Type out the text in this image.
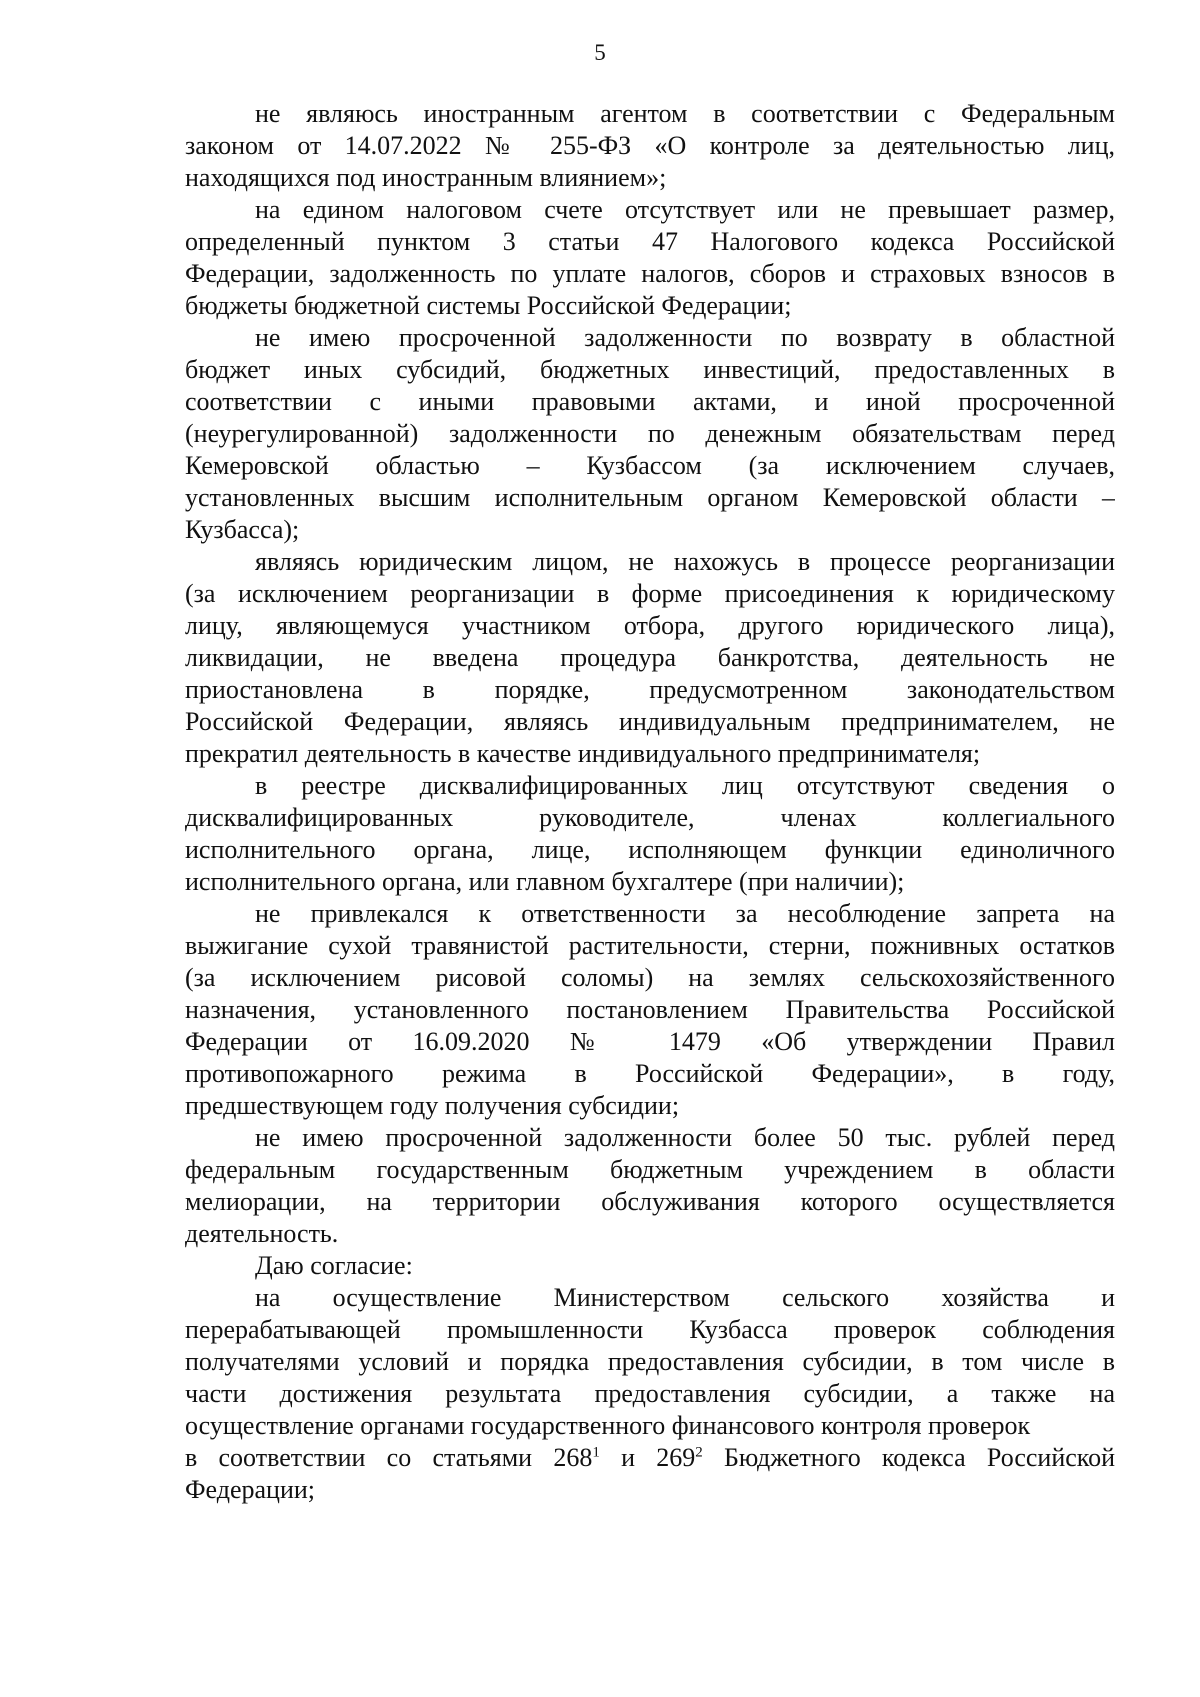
5
не являюсь иностранным агентом в соответствии с Федеральным
законом от 14.07.2022 № 255-ФЗ «О контроле за деятельностью лиц,
находящихся под иностранным влиянием»;
на едином налоговом счете отсутствует или не превышает размер,
определенный пунктом 3 статьи 47 Налогового кодекса Российской
Федерации, задолженность по уплате налогов, сборов и страховых взносов в
бюджеты бюджетной системы Российской Федерации;
не имею просроченной задолженности по возврату в областной
бюджет иных субсидий, бюджетных инвестиций, предоставленных в
соответствии с иными правовыми актами, и иной просроченной
(неурегулированной) задолженности по денежным обязательствам перед
Кемеровской областью – Кузбассом (за исключением случаев,
установленных высшим исполнительным органом Кемеровской области –
Кузбасса);
являясь юридическим лицом, не нахожусь в процессе реорганизации
(за исключением реорганизации в форме присоединения к юридическому
лицу, являющемуся участником отбора, другого юридического лица),
ликвидации, не введена процедура банкротства, деятельность не
приостановлена в порядке, предусмотренном законодательством
Российской Федерации, являясь индивидуальным предпринимателем, не
прекратил деятельность в качестве индивидуального предпринимателя;
в реестре дисквалифицированных лиц отсутствуют сведения о
дисквалифицированных руководителе, членах коллегиального
исполнительного органа, лице, исполняющем функции единоличного
исполнительного органа, или главном бухгалтере (при наличии);
не привлекался к ответственности за несоблюдение запрета на
выжигание сухой травянистой растительности, стерни, пожнивных остатков
(за исключением рисовой соломы) на землях сельскохозяйственного
назначения, установленного постановлением Правительства Российской
Федерации от 16.09.2020 № 1479 «Об утверждении Правил
противопожарного режима в Российской Федерации», в году,
предшествующем году получения субсидии;
не имею просроченной задолженности более 50 тыс. рублей перед
федеральным государственным бюджетным учреждением в области
мелиорации, на территории обслуживания которого осуществляется
деятельность.
Даю согласие:
на осуществление Министерством сельского хозяйства и
перерабатывающей промышленности Кузбасса проверок соблюдения
получателями условий и порядка предоставления субсидии, в том числе в
части достижения результата предоставления субсидии, а также на
осуществление органами государственного финансового контроля проверок
в соответствии со статьями $268^1$ и $269^2$ Бюджетного кодекса Российской
Федерации;
